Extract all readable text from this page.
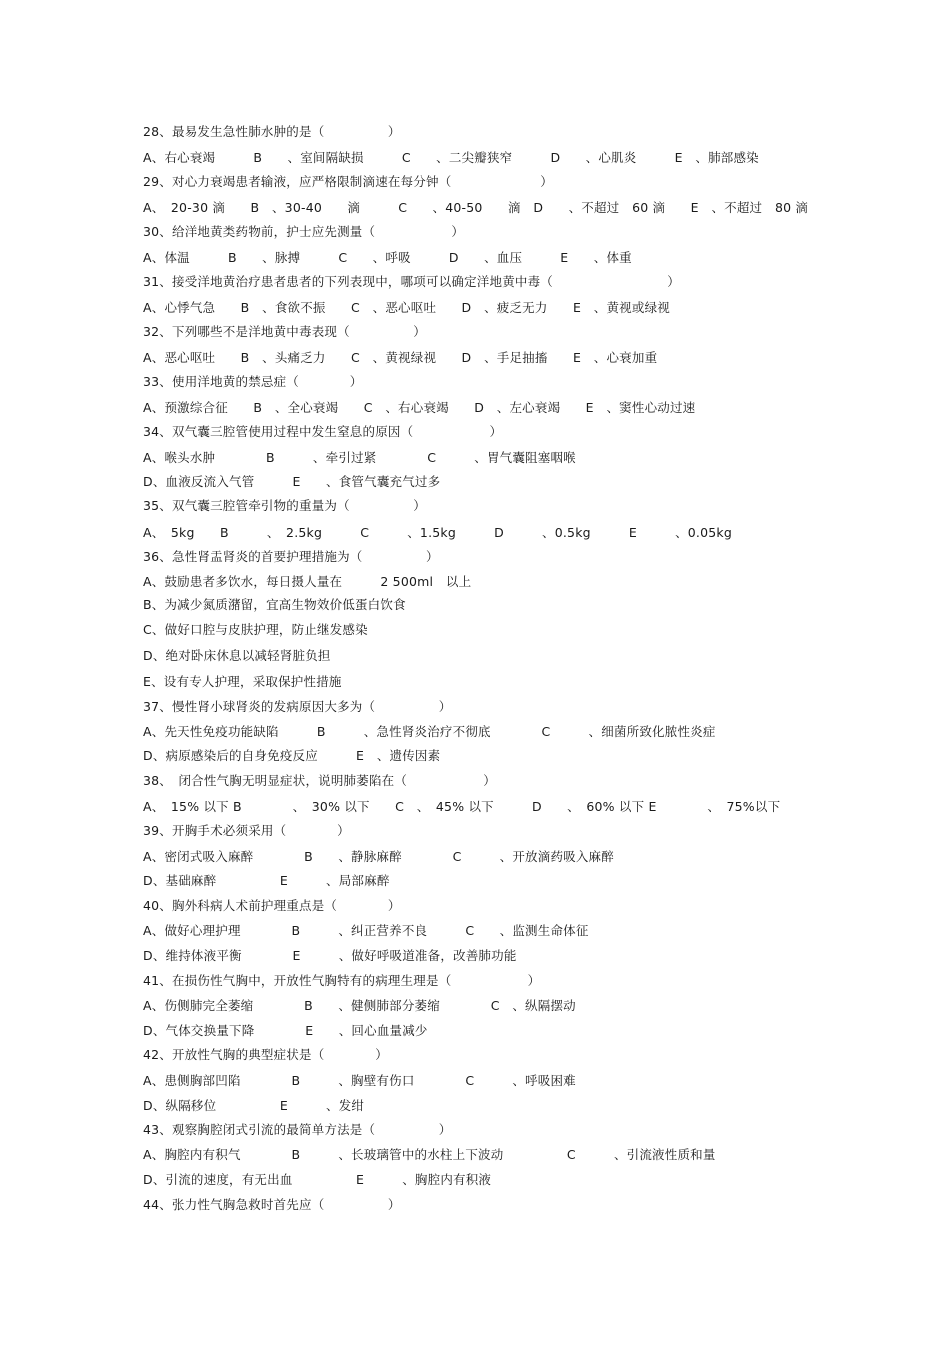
28、最易发生急性肺水肿的是（　　　　　）
A、右心衰竭　　　B　　、室间隔缺损　　　C　　、二尖瓣狭窄　　　D　　、心肌炎　　　E　、肺部感染
29、对心力衰竭患者输液，应严格限制滴速在每分钟（　　　　　　　）
A、　20-30 滴　　B　、30-40　　滴　　　C　　、40-50　　滴　D　　、不超过　60 滴　　E　、不超过　80 滴
30、给洋地黄类药物前，护士应先测量（　　　　　　）
A、体温　　　B　　、脉搏　　　C　　、呼吸　　　D　　、血压　　　E　　、体重
31、接受洋地黄治疗患者患者的下列表现中，哪项可以确定洋地黄中毒（　　　　　　　　　）
A、心悸气急　　B　、食欲不振　　C　、恶心呕吐　　D　、疲乏无力　　E　、黄视或绿视
32、下列哪些不是洋地黄中毒表现（　　　　　）
A、恶心呕吐　　B　、头痛乏力　　C　、黄视绿视　　D　、手足抽搐　　E　、心衰加重
33、使用洋地黄的禁忌症（　　　　）
A、预激综合征　　B　、全心衰竭　　C　、右心衰竭　　D　、左心衰竭　　E　、窦性心动过速
34、双气囊三腔管使用过程中发生窒息的原因（　　　　　　）
A、喉头水肿　　　　B　　　、牵引过紧　　　　C　　　、胃气囊阻塞咽喉
D、血液反流入气管　　　E　　、食管气囊充气过多
35、双气囊三腔管牵引物的重量为（　　　　　）
A、　5kg　　B　　　、　2.5kg　　　C　　　、1.5kg　　　D　　　、0.5kg　　　E　　　、0.05kg
36、急性肾盂肾炎的首要护理措施为（　　　　　）
A、鼓励患者多饮水，每日摄人量在　　　2 500ml　以上
B、为减少氮质潴留，宜高生物效价低蛋白饮食
C、做好口腔与皮肤护理，防止继发感染
D、绝对卧床休息以减轻肾脏负担
E、设有专人护理，采取保护性措施
37、慢性肾小球肾炎的发病原因大多为（　　　　　）
A、先天性免疫功能缺陷　　　B　　　、急性肾炎治疗不彻底　　　　C　　　、细菌所致化脓性炎症
D、病原感染后的自身免疫反应　　　E　、遗传因素
38、　闭合性气胸无明显症状，说明肺萎陷在（　　　　　　）
A、　15% 以下 B　　　　、　30% 以下　　C　、　45% 以下　　　D　　、　60% 以下 E　　　　、　75%以下
39、开胸手术必须采用（　　　　）
A、密闭式吸入麻醉　　　　B　　、静脉麻醉　　　　C　　　、开放滴药吸入麻醉
D、基础麻醉　　　　　E　　　、局部麻醉
40、胸外科病人术前护理重点是（　　　　）
A、做好心理护理　　　　B　　　、纠正营养不良　　　C　　、监测生命体征
D、维持体液平衡　　　　E　　　、做好呼吸道准备，改善肺功能
41、在损伤性气胸中，开放性气胸特有的病理生理是（　　　　　　）
A、伤侧肺完全萎缩　　　　B　　、健侧肺部分萎缩　　　　C　、纵隔摆动
D、气体交换量下降　　　　E　　、回心血量减少
42、开放性气胸的典型症状是（　　　　）
A、患侧胸部凹陷　　　　B　　　、胸壁有伤口　　　　C　　　、呼吸困难
D、纵隔移位　　　　　E　　　、发绀
43、观察胸腔闭式引流的最简单方法是（　　　　　）
A、胸腔内有积气　　　　B　　　、长玻璃管中的水柱上下波动　　　　　C　　　、引流液性质和量
D、引流的速度，有无出血　　　　　E　　　、胸腔内有积液
44、张力性气胸急救时首先应（　　　　　）
